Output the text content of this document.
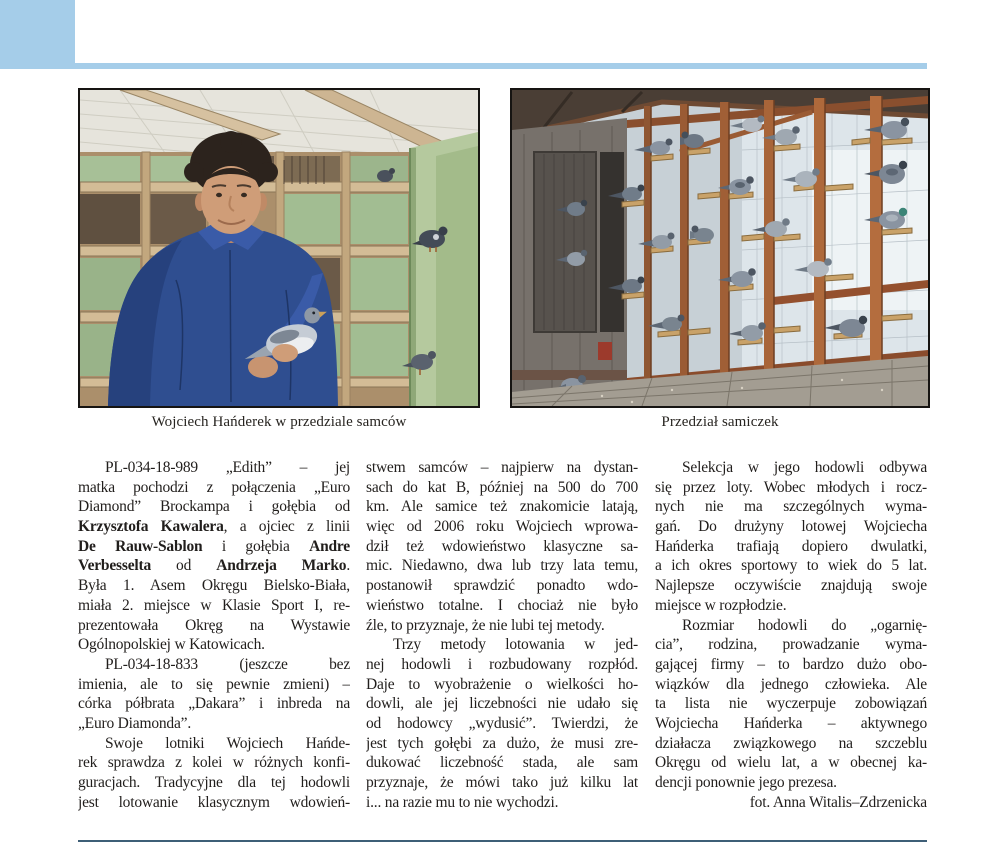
Wojciech Hańderek w przedziale samców	Przedział samiczek
PL-034-18-989 „Edith” – jej
matka pochodzi z połączenia „Euro
Diamond” Brockampa i gołębia od
Krzysztofa Kawalera, a ojciec z linii
De Rauw-Sablon i gołębia Andre
Verbesselta od Andrzeja Marko.
Była 1. Asem Okręgu Bielsko-Biała,
miała 2. miejsce w Klasie Sport I, re-
prezentowała Okręg na Wystawie
Ogólnopolskiej w Katowicach.
PL-034-18-833 (jeszcze bez
imienia, ale to się pewnie zmieni) –
córka półbrata „Dakara” i inbreda na
„Euro Diamonda”.
Swoje lotniki Wojciech Hańde-
rek sprawdza z kolei w różnych konfi-
guracjach. Tradycyjne dla tej hodowli
jest lotowanie klasycznym wdowień-
stwem samców – najpierw na dystan-
sach do kat B, później na 500 do 700
km. Ale samice też znakomicie latają,
więc od 2006 roku Wojciech wprowa-
dził też wdowieństwo klasyczne sa-
mic. Niedawno, dwa lub trzy lata temu,
postanowił sprawdzić ponadto wdo-
wieństwo totalne. I chociaż nie było
źle, to przyznaje, że nie lubi tej metody.
Trzy metody lotowania w jed-
nej hodowli i rozbudowany rozpłód.
Daje to wyobrażenie o wielkości ho-
dowli, ale jej liczebności nie udało się
od hodowcy „wydusić”. Twierdzi, że
jest tych gołębi za dużo, że musi zre-
dukować liczebność stada, ale sam
przyznaje, że mówi tako już kilku lat
i... na razie mu to nie wychodzi.
Selekcja w jego hodowli odbywa
się przez loty. Wobec młodych i rocz-
nych nie ma szczególnych wyma-
gań. Do drużyny lotowej Wojciecha
Hańderka trafiają dopiero dwulatki,
a ich okres sportowy to wiek do 5 lat.
Najlepsze oczywiście znajdują swoje
miejsce w rozpłodzie.
Rozmiar hodowli do „ogarnię-
cia”, rodzina, prowadzanie wyma-
gającej firmy – to bardzo dużo obo-
wiązków dla jednego człowieka. Ale
ta lista nie wyczerpuje zobowiązań
Wojciecha Hańderka – aktywnego
działacza związkowego na szczeblu
Okręgu od wielu lat, a w obecnej ka-
dencji ponownie jego prezesa.
fot. Anna Witalis–Zdrzenicka
